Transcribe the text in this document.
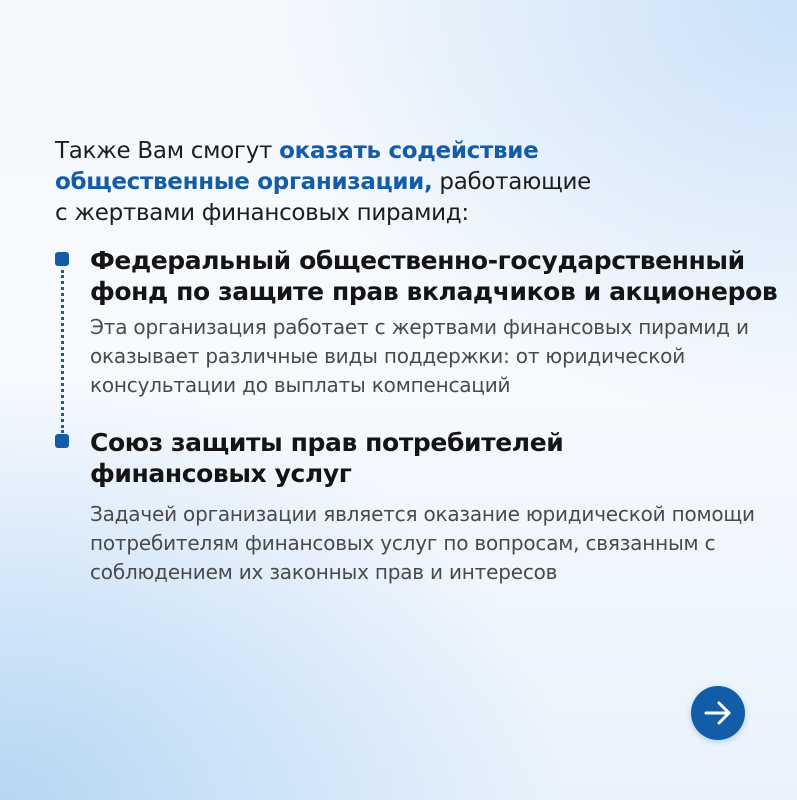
Также Вам смогут оказать содействие общественные организации, работающие
с жертвами финансовых пирамид:
Федеральный общественно-государственный фонд по защите прав вкладчиков и акционеров
Эта организация работает с жертвами финансовых пирамид и оказывает различные виды поддержки: от юридической консультации до выплаты компенсаций
Союз защиты прав потребителей финансовых услуг
Задачей организации является оказание юридической помощи потребителям финансовых услуг по вопросам, связанным с соблюдением их законных прав и интересов
